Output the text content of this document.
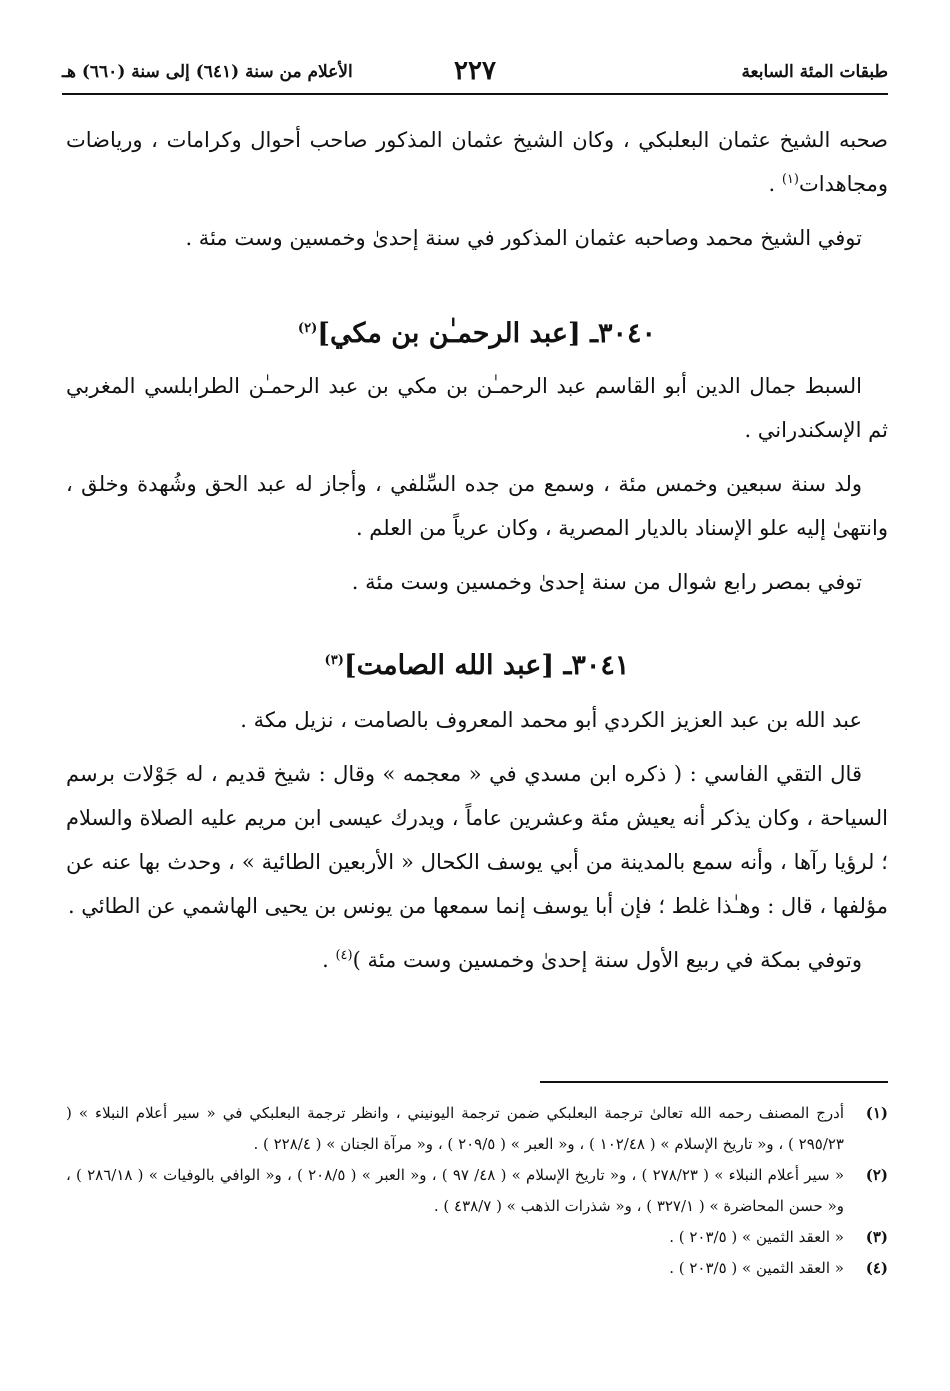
طبقات المئة السابعة
٢٢٧
الأعلام من سنة (٦٤١) إلى سنة (٦٦٠) هـ

صحبه الشيخ عثمان البعلبكي ، وكان الشيخ عثمان المذكور صاحب أحوال وكرامات ، ورياضات ومجاهدات$^{(١)}$ .

توفي الشيخ محمد وصاحبه عثمان المذكور في سنة إحدىٰ وخمسين وست مئة .

٣٠٤٠ـ [عبد الرحمـٰن بن مكي]$^{(٢)}$

السبط جمال الدين أبو القاسم عبد الرحمـٰن بن مكي بن عبد الرحمـٰن الطرابلسي المغربي ثم الإسكندراني .

ولد سنة سبعين وخمس مئة ، وسمع من جده السِّلفي ، وأجاز له عبد الحق وشُهدة وخلق ، وانتهىٰ إليه علو الإسناد بالديار المصرية ، وكان عرياً من العلم .

توفي بمصر رابع شوال من سنة إحدىٰ وخمسين وست مئة .

٣٠٤١ـ [عبد الله الصامت]$^{(٣)}$

عبد الله بن عبد العزيز الكردي أبو محمد المعروف بالصامت ، نزيل مكة .

قال التقي الفاسي : ( ذكره ابن مسدي في « معجمه » وقال : شيخ قديم ، له جَوْلات برسم السياحة ، وكان يذكر أنه يعيش مئة وعشرين عاماً ، ويدرك عيسى ابن مريم عليه الصلاة والسلام ؛ لرؤيا رآها ، وأنه سمع بالمدينة من أبي يوسف الكحال « الأربعين الطائية » ، وحدث بها عنه عن مؤلفها ، قال : وهـٰذا غلط ؛ فإن أبا يوسف إنما سمعها من يونس بن يحيى الهاشمي عن الطائي .

وتوفي بمكة في ربيع الأول سنة إحدىٰ وخمسين وست مئة )$^{(٤)}$ .

(١)
أدرج المصنف رحمه الله تعالىٰ ترجمة البعلبكي ضمن ترجمة اليونيني ، وانظر ترجمة البعلبكي في « سير أعلام النبلاء » ( ٢٩٥/٢٣ ) ، و« تاريخ الإسلام » ( ١٠٢/٤٨ ) ، و« العبر » ( ٢٠٩/٥ ) ، و« مرآة الجنان » ( ٢٢٨/٤ ) .
(٢)
« سير أعلام النبلاء » ( ٢٧٨/٢٣ ) ، و« تاريخ الإسلام » ( ٤٨/ ٩٧ ) ، و« العبر » ( ٢٠٨/٥ ) ، و« الوافي بالوفيات » ( ٢٨٦/١٨ ) ، و« حسن المحاضرة » ( ٣٢٧/١ ) ، و« شذرات الذهب » ( ٤٣٨/٧ ) .
(٣)
« العقد الثمين » ( ٢٠٣/٥ ) .
(٤)
« العقد الثمين » ( ٢٠٣/٥ ) .
